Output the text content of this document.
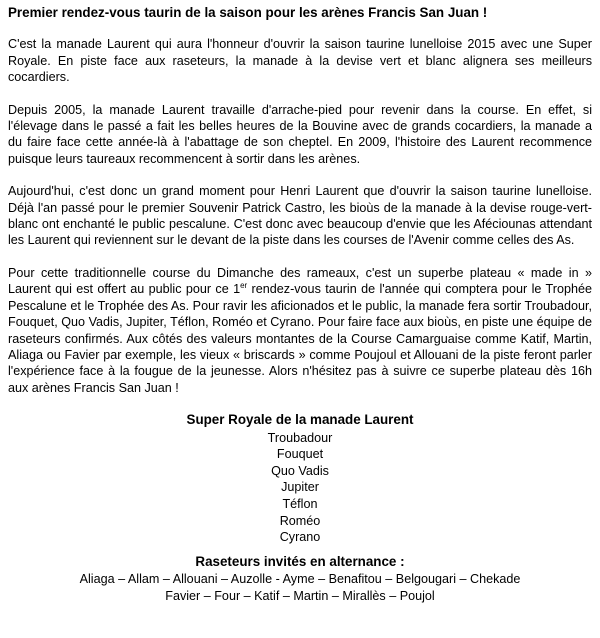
Premier rendez-vous taurin de la saison pour les arènes Francis San Juan !

C'est la manade Laurent qui aura l'honneur d'ouvrir la saison taurine lunelloise 2015 avec une Super Royale. En piste face aux raseteurs, la manade à la devise vert et blanc alignera ses meilleurs cocardiers.

Depuis 2005, la manade Laurent travaille d'arrache-pied pour revenir dans la course. En effet, si l'élevage dans le passé a fait les belles heures de la Bouvine avec de grands cocardiers, la manade a du faire face cette année-là à l'abattage de son cheptel. En 2009, l'histoire des Laurent recommence puisque leurs taureaux recommencent à sortir dans les arènes.

Aujourd'hui, c'est donc un grand moment pour Henri Laurent que d'ouvrir la saison taurine lunelloise. Déjà l'an passé pour le premier Souvenir Patrick Castro, les bioùs de la manade à la devise rouge-vert-blanc ont enchanté le public pescalune. C'est donc avec beaucoup d'envie que les Aféciounas attendant les Laurent qui reviennent sur le devant de la piste dans les courses de l'Avenir comme celles des As.

Pour cette traditionnelle course du Dimanche des rameaux, c'est un superbe plateau « made in » Laurent qui est offert au public pour ce 1er rendez-vous taurin de l'année qui comptera pour le Trophée Pescalune et le Trophée des As. Pour ravir les aficionados et le public, la manade fera sortir Troubadour, Fouquet, Quo Vadis, Jupiter, Téflon, Roméo et Cyrano. Pour faire face aux bioùs, en piste une équipe de raseteurs confirmés. Aux côtés des valeurs montantes de la Course Camarguaise comme Katif, Martin, Aliaga ou Favier par exemple, les vieux « briscards » comme Poujoul et Allouani de la piste feront parler l'expérience face à la fougue de la jeunesse. Alors n'hésitez pas à suivre ce superbe plateau dès 16h aux arènes Francis San Juan !

Super Royale de la manade Laurent
Troubadour
Fouquet
Quo Vadis
Jupiter
Téflon
Roméo
Cyrano
Raseteurs invités en alternance :
Aliaga – Allam – Allouani – Auzolle - Ayme – Benafitou – Belgougari – Chekade
Favier – Four – Katif – Martin – Mirallès – Poujol
